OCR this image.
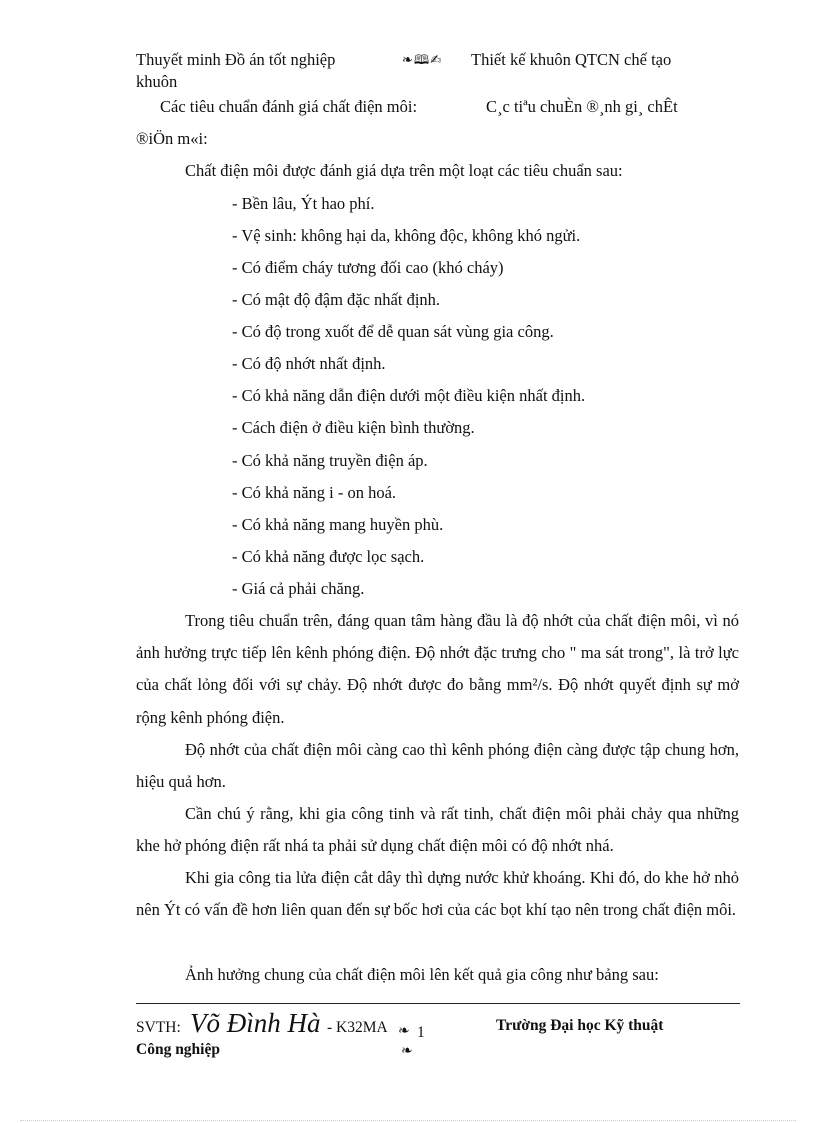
Thuyết minh Đồ án tốt nghiệp	❧🕮✍ Thiết kế khuôn QTCN chế tạo
khuôn
Các tiêu chuẩn đánh giá chất điện môi:	C¸c tiªu chuÈn ®¸nh gi¸ chÊt
®iÖn m«i:
Chất điện môi được đánh giá dựa trên một loạt các tiêu chuẩn sau:
- Bền lâu, Ýt hao phí.
- Vệ sinh: không hại da, không độc, không khó ngửi.
- Có điểm cháy tương đối cao (khó cháy)
- Có mật độ đậm đặc nhất định.
- Có độ trong xuốt để dễ quan sát vùng gia công.
- Có độ nhớt nhất định.
- Có khả năng dẫn điện dưới một điều kiện nhất định.
- Cách điện ở điều kiện bình thường.
- Có khả năng truyền điện áp.
- Có khả năng i - on hoá.
- Có khả năng mang huyền phù.
- Có khả năng được lọc sạch.
- Giá cả phải chăng.
Trong tiêu chuẩn trên, đáng quan tâm hàng đầu là độ nhớt của chất điện môi, vì nó ảnh hưởng trực tiếp lên kênh phóng điện. Độ nhớt đặc trưng cho " ma sát trong", là trở lực của chất lỏng đối với sự chảy. Độ nhớt được đo bằng mm²/s. Độ nhớt quyết định sự mở rộng kênh phóng điện.
Độ nhớt của chất điện môi càng cao thì kênh phóng điện càng được tập chung hơn, hiệu quả hơn.
Cần chú ý rằng, khi gia công tinh và rất tinh, chất điện môi phải chảy qua những khe hở phóng điện rất nhá ta phải sử dụng chất điện môi có độ nhớt nhá.
Khi gia công tia lửa điện cắt dây thì dựng nước khử khoáng. Khi đó, do khe hở nhỏ nên Ýt có vấn đề hơn liên quan đến sự bốc hơi của các bọt khí tạo nên trong chất điện môi.
Ảnh hưởng chung của chất điện môi lên kết quả gia công như bảng sau:
SVTH: Võ Đình Hà - K32MA ❧ 1	Trường Đại học Kỹ thuật
Công nghiệp	❧
